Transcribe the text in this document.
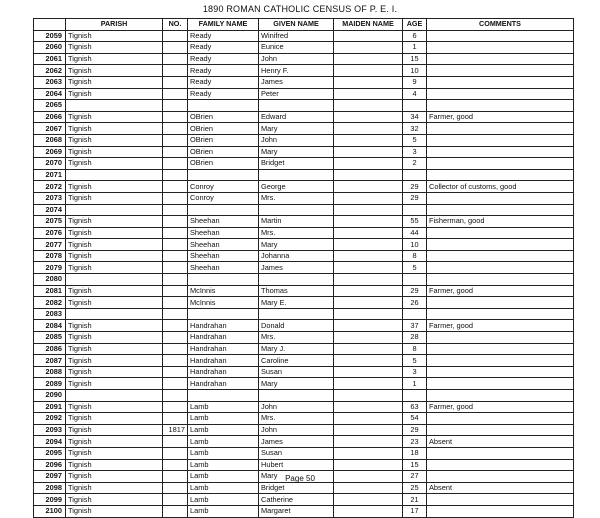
1890 ROMAN CATHOLIC CENSUS OF P. E. I.
	PARISH	NO.	FAMILY NAME	GIVEN NAME	MAIDEN NAME	AGE	COMMENTS
2059	Tignish		Ready	Winifred		6	
2060	Tignish		Ready	Eunice		1	
2061	Tignish		Ready	John		15	
2062	Tignish		Ready	Henry F.		10	
2063	Tignish		Ready	James		9	
2064	Tignish		Ready	Peter		4	
2065							
2066	Tignish		OBrien	Edward		34	Farmer, good
2067	Tignish		OBrien	Mary		32	
2068	Tignish		OBrien	John		5	
2069	Tignish		OBrien	Mary		3	
2070	Tignish		OBrien	Bridget		2	
2071							
2072	Tignish		Conroy	George		29	Collector of customs, good
2073	Tignish		Conroy	Mrs.		29	
2074							
2075	Tignish		Sheehan	Martin		55	Fisherman, good
2076	Tignish		Sheehan	Mrs.		44	
2077	Tignish		Sheehan	Mary		10	
2078	Tignish		Sheehan	Johanna		8	
2079	Tignish		Sheehan	James		5	
2080							
2081	Tignish		McInnis	Thomas		29	Farmer, good
2082	Tignish		McInnis	Mary E.		26	
2083							
2084	Tignish		Handrahan	Donald		37	Farmer, good
2085	Tignish		Handrahan	Mrs.		28	
2086	Tignish		Handrahan	Mary J.		8	
2087	Tignish		Handrahan	Caroline		5	
2088	Tignish		Handrahan	Susan		3	
2089	Tignish		Handrahan	Mary		1	
2090							
2091	Tignish		Lamb	John		63	Farmer, good
2092	Tignish		Lamb	Mrs.		54	
2093	Tignish	1817	Lamb	John		29	
2094	Tignish		Lamb	James		23	Absent
2095	Tignish		Lamb	Susan		18	
2096	Tignish		Lamb	Hubert		15	
2097	Tignish		Lamb	Mary		27	
2098	Tignish		Lamb	Bridget		25	Absent
2099	Tignish		Lamb	Catherine		21	
2100	Tignish		Lamb	Margaret		17	
Page 50
